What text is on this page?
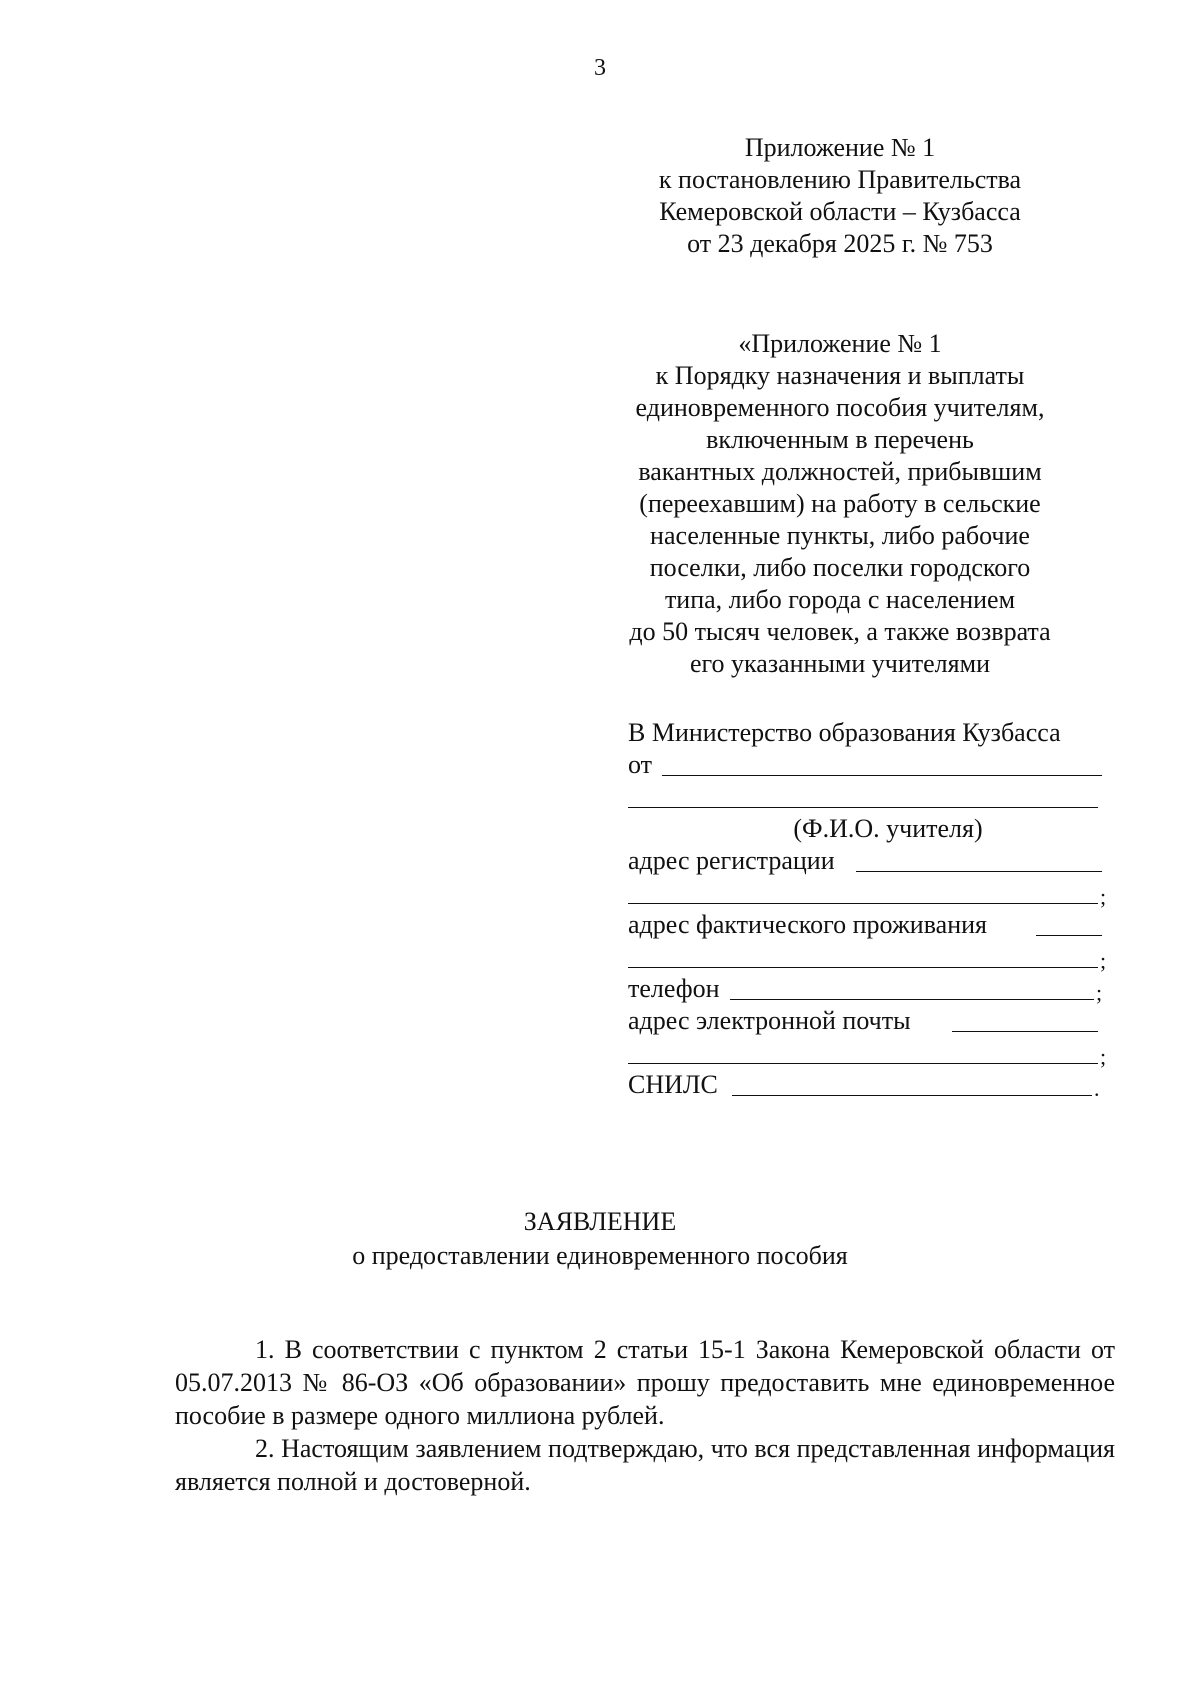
3
Приложение № 1
к постановлению Правительства
Кемеровской области – Кузбасса
от 23 декабря 2025 г. № 753
«Приложение № 1
к Порядку назначения и выплаты
единовременного пособия учителям,
включенным в перечень
вакантных должностей, прибывшим
(переехавшим) на работу в сельские
населенные пункты, либо рабочие
поселки, либо поселки городского
типа, либо города с населением
до 50 тысяч человек, а также возврата
его указанными учителями
В Министерство образования Кузбасса
от
(Ф.И.О. учителя)
адрес регистрации
;
адрес фактического проживания
;
телефон	;
адрес электронной почты
;
СНИЛС	.
ЗАЯВЛЕНИЕ
о предоставлении единовременного пособия

1. В соответствии с пунктом 2 статьи 15-1 Закона Кемеровской области от 05.07.2013 № 86-ОЗ «Об образовании» прошу предоставить мне единовременное пособие в размере одного миллиона рублей.

2. Настоящим заявлением подтверждаю, что вся представленная информация является полной и достоверной.
